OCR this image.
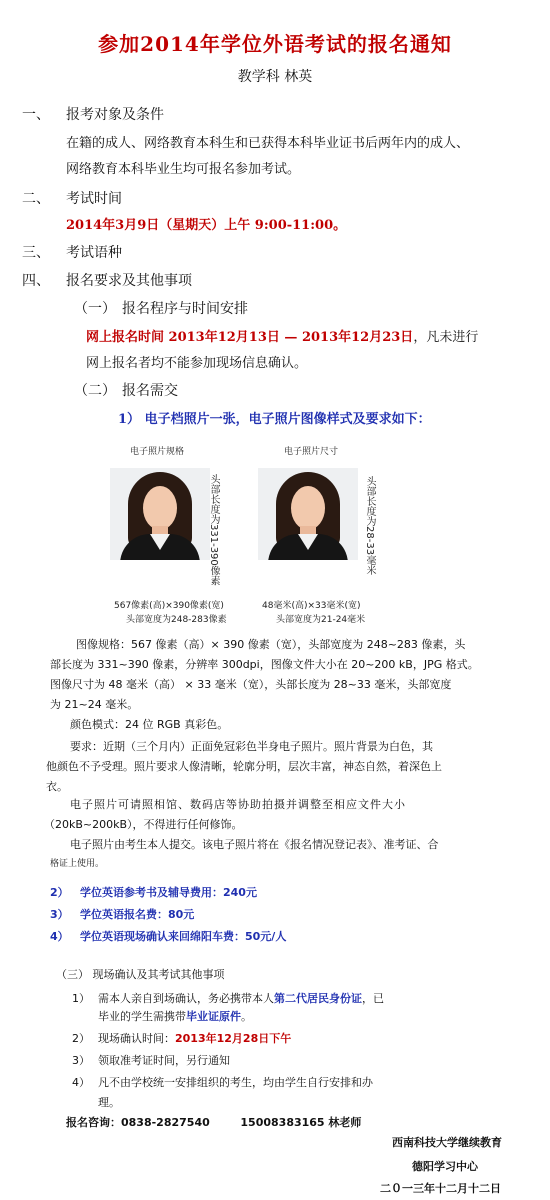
参加2014年学位外语考试的报名通知
教学科 林英
一、 报考对象及条件
在籍的成人、网络教育本科生和已获得本科毕业证书后两年内的成人、
网络教育本科毕业生均可报名参加考试。
二、 考试时间
2014年3月9日（星期天）上午 9:00-11:00。
三、 考试语种
四、 报名要求及其他事项
（一） 报名程序与时间安排
网上报名时间 2013年12月13日 — 2013年12月23日，凡未进行
网上报名者均不能参加现场信息确认。
（二） 报名需交
1） 电子档照片一张，电子照片图像样式及要求如下：
电子照片规格
头部长度为331-390像素
567像素(高)×390像素(宽)
头部宽度为248-283像素
电子照片尺寸
头部长度为28-33毫米
48毫米(高)×33毫米(宽)
头部宽度为21-24毫米
图像规格：567 像素（高）× 390 像素（宽），头部宽度为 248~283 像素，头
部长度为 331~390 像素，分辨率 300dpi，图像文件大小在 20~200 kB，JPG 格式。
图像尺寸为 48 毫米（高） × 33 毫米（宽），头部长度为 28~33 毫米，头部宽度
为 21~24 毫米。
颜色模式：24 位 RGB 真彩色。
要求：近期（三个月内）正面免冠彩色半身电子照片。照片背景为白色，其
他颜色不予受理。照片要求人像清晰，轮廓分明，层次丰富，神态自然，着深色上
衣。
电子照片可请照相馆、数码店等协助拍摄并调整至相应文件大小
（20kB~200kB），不得进行任何修饰。
电子照片由考生本人提交。该电子照片将在《报名情况登记表》、准考证、合
格证上使用。
2） 学位英语参考书及辅导费用：240元
3） 学位英语报名费：80元
4） 学位英语现场确认来回绵阳车费：50元/人
（三） 现场确认及其考试其他事项
1） 需本人亲自到场确认，务必携带本人第二代居民身份证，已
毕业的学生需携带毕业证原件。
2） 现场确认时间：2013年12月28日下午
3） 领取准考证时间，另行通知
4） 凡不由学校统一安排组织的考生，均由学生自行安排和办
理。
报名咨询：0838-2827540        15008383165 林老师
西南科技大学继续教育
德阳学习中心
二０一三年十二月十二日
